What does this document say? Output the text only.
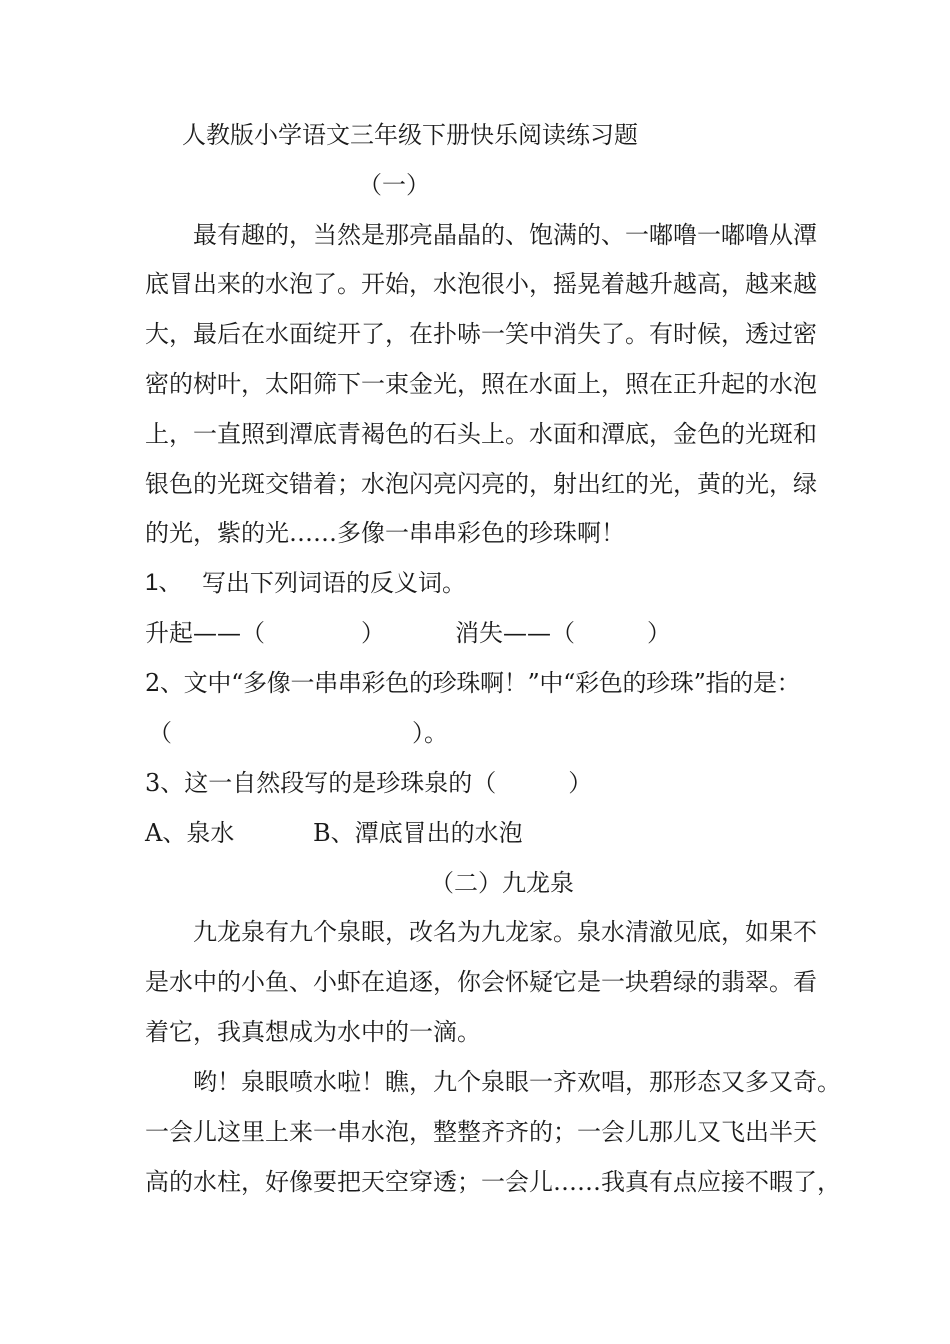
人教版小学语文三年级下册快乐阅读练习题
（一）
最有趣的，当然是那亮晶晶的、饱满的、一嘟噜一嘟噜从潭
底冒出来的水泡了。开始，水泡很小，摇晃着越升越高，越来越
大，最后在水面绽开了，在扑哧一笑中消失了。有时候，透过密
密的树叶，太阳筛下一束金光，照在水面上，照在正升起的水泡
上，一直照到潭底青褐色的石头上。水面和潭底，金色的光斑和
银色的光斑交错着；水泡闪亮闪亮的，射出红的光，黄的光，绿
的光，紫的光……多像一串串彩色的珍珠啊！
1、 写出下列词语的反义词。
升起——（　　　　）	消失——（　　　）
2、文中“多像一串串彩色的珍珠啊！”中“彩色的珍珠”指的是：
（　　　　　　　　　　）。
3、这一自然段写的是珍珠泉的（　　　）
A、泉水	B、潭底冒出的水泡
（二）九龙泉
九龙泉有九个泉眼，改名为九龙家。泉水清澈见底，如果不
是水中的小鱼、小虾在追逐，你会怀疑它是一块碧绿的翡翠。看
着它，我真想成为水中的一滴。
哟！泉眼喷水啦！瞧，九个泉眼一齐欢唱，那形态又多又奇。
一会儿这里上来一串水泡，整整齐齐的；一会儿那儿又飞出半天
高的水柱，好像要把天空穿透；一会儿……我真有点应接不暇了，
